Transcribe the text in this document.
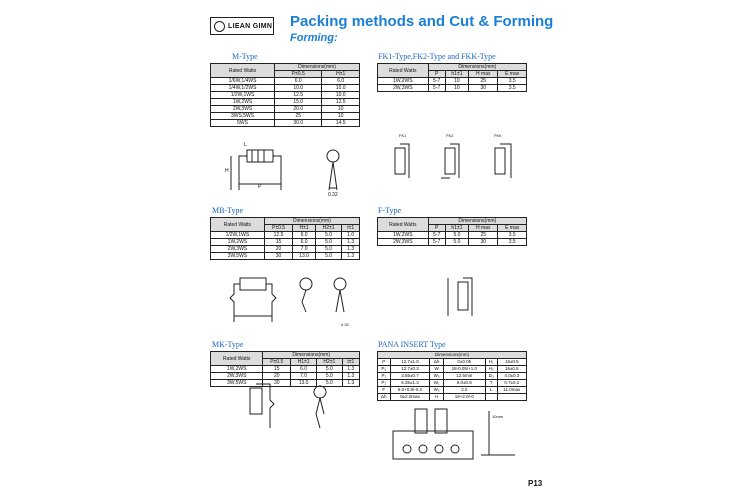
LIEAN GIMN Packing methods and Cut & Forming
Forming:
M-Type
Rated Watts	Dimensions(mm)	
	P±0.5	H±1
1/6W,1/4WS	6.0	6.0
1/4W,1/2WS	10.0	10.0
1/2W,1WS	12.5	10.0
1W,2WS	15.0	12.5
2W,3WS	20.0	10
3WS,5WS	25	10
5WS	30.0	14.5
FK1-Type,FK2-Type and FKK-Type
Rated Watts	Dimensions(mm)			
	P	h1±1	H max	E max
1W,2WS	5-7	10	25	3.5
2W,3WS	5-7	10	30	3.5
MB-Type
Rated Watts	Dimensions(mm)			
	P±0.5	H±1	H2±1	t±1
1/2W,1WS	12.5	6.0	5.0	1.0
1W,2WS	15	6.0	5.0	1.3
2W,3WS	20	7.0	5.0	1.3
3W,5WS	30	13.0	5.0	1.3
F-Type
Rated Watts	Dimensions(mm)			
	P	h1±1	H max	E max
1W,2WS	5-7	5.0	25	3.5
2W,3WS	5-7	5.0	30	3.5
MK-Type
Rated Watts	Dimensions(mm)			
	P±0.5	H1±1	H2±1	t±1
1W,2WS	15	6.0	5.0	1.3
2W,3WS	20	7.0	5.0	1.3
3W,5WS	30	13.0	5.0	1.3
PANA INSERT Type
Dimensions(mm)					
P	12.7±1.0	Δh	0±0.05	H₁	16±0.5
P₀	12.7±0.3	W	18-0.05/+1.0	H₀	16±0.5
P₁	3.85±0.7	W₀	12.5min	D₀	4.0±0.3
P₂	6.35±1.3	W₁	9.0±0.5	T	0.7±0.2
F	5.0+0.8/-0.2	W₂	3.0	L	11.0max
Δh	0±2.0max	H	18+2.0/-0		
L
H
P
0.32
FK1	FK2	FKK
0.32
10mm
P13
